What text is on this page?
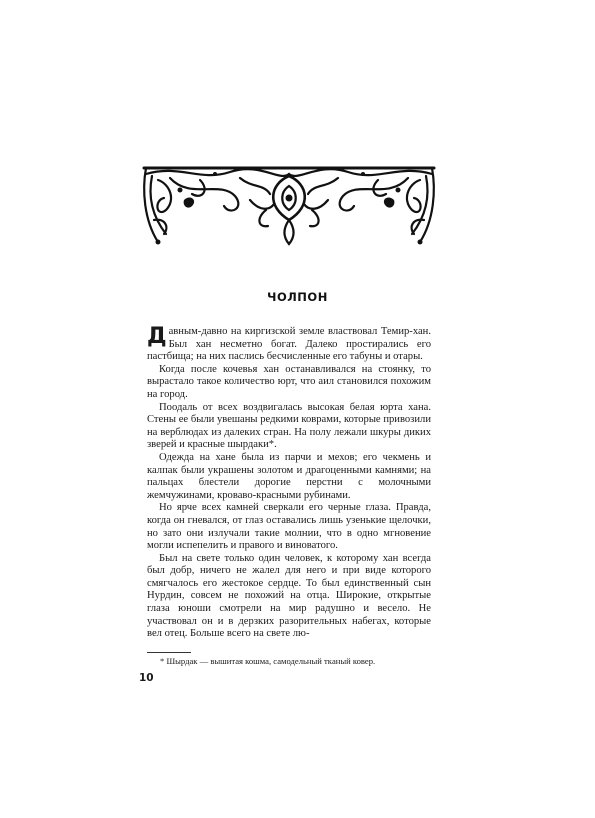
ЧОЛПОН

Давным-давно на киргизской земле властвовал Темир-хан. Был хан несметно богат. Далеко простирались его пастбища; на них паслись бесчисленные его табуны и отары.

Когда после кочевья хан останавливался на стоянку, то вырастало такое количество юрт, что аил становился похожим на город.

Поодаль от всех воздвигалась высокая белая юрта хана. Стены ее были увешаны редкими коврами, которые привозили на верблюдах из далеких стран. На полу лежали шкуры диких зверей и красные шырдаки*.

Одежда на хане была из парчи и мехов; его чекмень и калпак были украшены золотом и драгоценными камнями; на пальцах блестели дорогие перстни с молочными жемчужинами, кроваво-красными рубинами.

Но ярче всех камней сверкали его черные глаза. Правда, когда он гневался, от глаз оставались лишь узенькие щелочки, но зато они излучали такие молнии, что в одно мгновение могли испепелить и правого и виноватого.

Был на свете только один человек, к которому хан всегда был добр, ничего не жалел для него и при виде которого смягчалось его жестокое сердце. То был единственный сын Нурдин, совсем не похожий на отца. Широкие, открытые глаза юноши смотрели на мир радушно и весело. Не участвовал он и в дерзких разорительных набегах, которые вел отец. Больше всего на свете лю-

* Шырдак — вышитая кошма, самодельный ткaный ковер.
10
